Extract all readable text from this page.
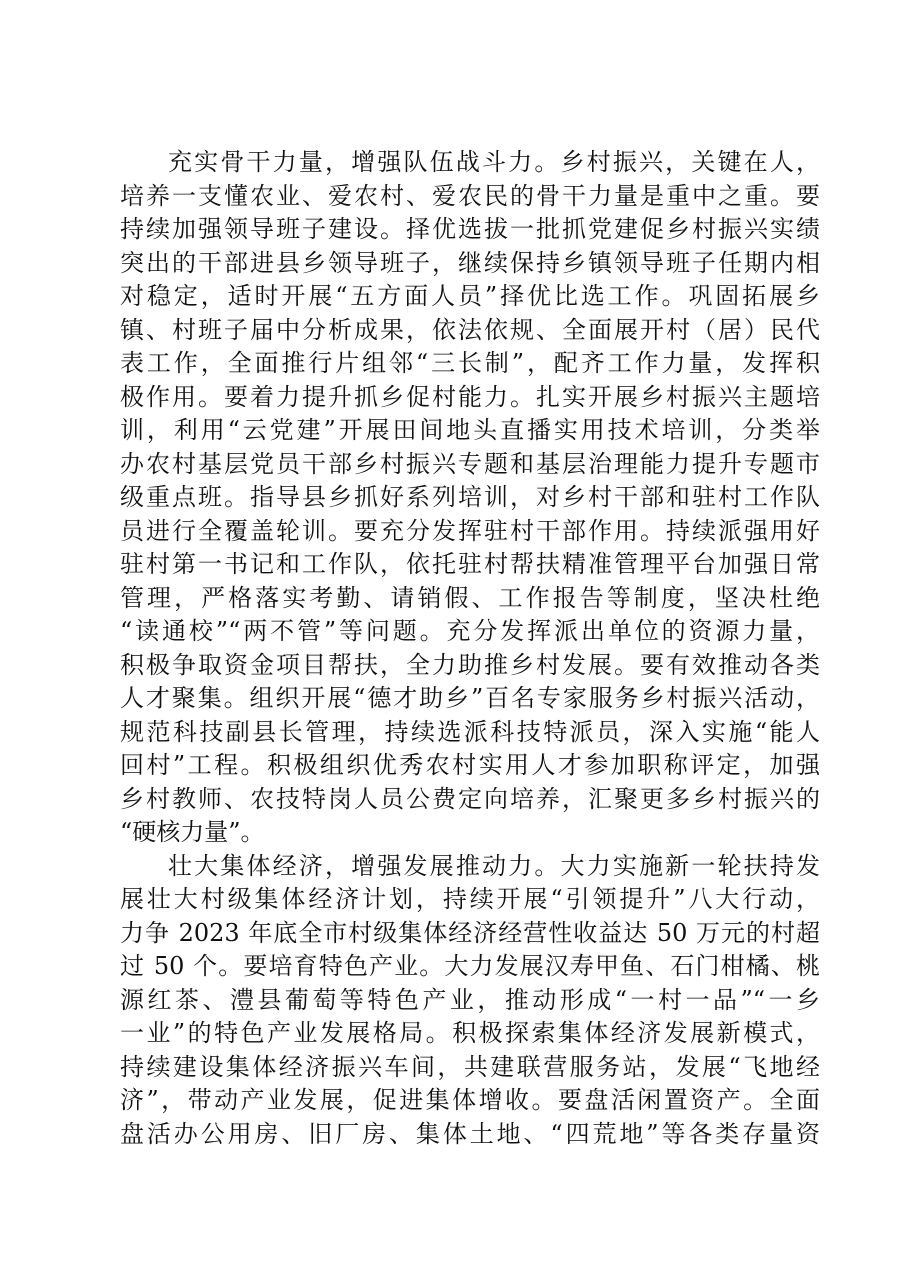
充实骨干力量，增强队伍战斗力。乡村振兴，关键在人，
培养一支懂农业、爱农村、爱农民的骨干力量是重中之重。要
持续加强领导班子建设。择优选拔一批抓党建促乡村振兴实绩
突出的干部进县乡领导班子，继续保持乡镇领导班子任期内相
对稳定，适时开展“五方面人员”择优比选工作。巩固拓展乡
镇、村班子届中分析成果，依法依规、全面展开村（居）民代
表工作，全面推行片组邻“三长制”，配齐工作力量，发挥积
极作用。要着力提升抓乡促村能力。扎实开展乡村振兴主题培
训，利用“云党建”开展田间地头直播实用技术培训，分类举
办农村基层党员干部乡村振兴专题和基层治理能力提升专题市
级重点班。指导县乡抓好系列培训，对乡村干部和驻村工作队
员进行全覆盖轮训。要充分发挥驻村干部作用。持续派强用好
驻村第一书记和工作队，依托驻村帮扶精准管理平台加强日常
管理，严格落实考勤、请销假、工作报告等制度，坚决杜绝
“读通校”“两不管”等问题。充分发挥派出单位的资源力量，
积极争取资金项目帮扶，全力助推乡村发展。要有效推动各类
人才聚集。组织开展“德才助乡”百名专家服务乡村振兴活动，
规范科技副县长管理，持续选派科技特派员，深入实施“能人
回村”工程。积极组织优秀农村实用人才参加职称评定，加强
乡村教师、农技特岗人员公费定向培养，汇聚更多乡村振兴的
“硬核力量”。
壮大集体经济，增强发展推动力。大力实施新一轮扶持发
展壮大村级集体经济计划，持续开展“引领提升”八大行动，
力争 2023 年底全市村级集体经济经营性收益达 50 万元的村超
过 50 个。要培育特色产业。大力发展汉寿甲鱼、石门柑橘、桃
源红茶、澧县葡萄等特色产业，推动形成“一村一品”“一乡
一业”的特色产业发展格局。积极探索集体经济发展新模式，
持续建设集体经济振兴车间，共建联营服务站，发展“飞地经
济”，带动产业发展，促进集体增收。要盘活闲置资产。全面
盘活办公用房、旧厂房、集体土地、“四荒地”等各类存量资
